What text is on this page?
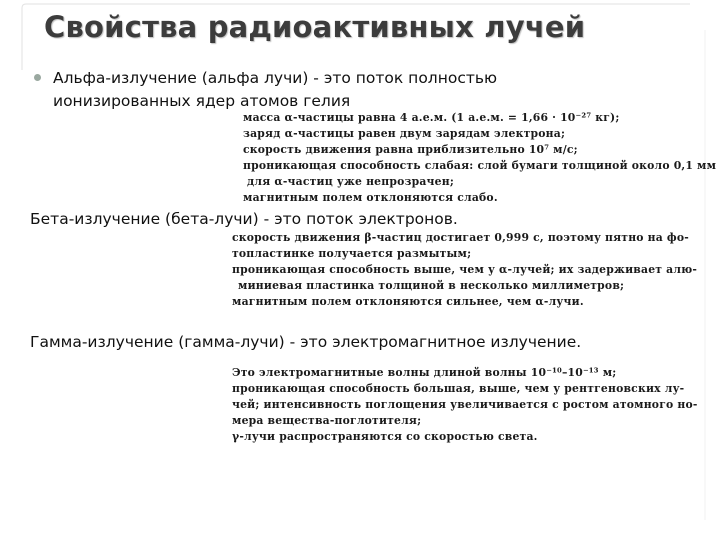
Свойства радиоактивных лучей
Альфа-излучение (альфа лучи) - это поток полностью ионизированных ядер атомов гелия
масса α-частицы равна 4 а.е.м. (1 а.е.м. = 1,66 · 10⁻²⁷ кг);
заряд α-частицы равен двум зарядам электрона;
скорость движения равна приблизительно 10⁷ м/с;
проникающая способность слабая: слой бумаги толщиной около 0,1 мм
для α-частиц уже непрозрачен;
магнитным полем отклоняются слабо.
Бета-излучение (бета-лучи) - это поток электронов.
скорость движения β-частиц достигает 0,999 c, поэтому пятно на фо-
топластинке получается размытым;
проникающая способность выше, чем у α-лучей; их задерживает алю-
миниевая пластинка толщиной в несколько миллиметров;
магнитным полем отклоняются сильнее, чем α-лучи.
Гамма-излучение (гамма-лучи) - это электромагнитное излучение.
Это электромагнитные волны длиной волны 10⁻¹⁰–10⁻¹³ м;
проникающая способность большая, выше, чем у рентгеновских лу-
чей; интенсивность поглощения увеличивается с ростом атомного но-
мера вещества-поглотителя;
γ-лучи распространяются со скоростью света.
